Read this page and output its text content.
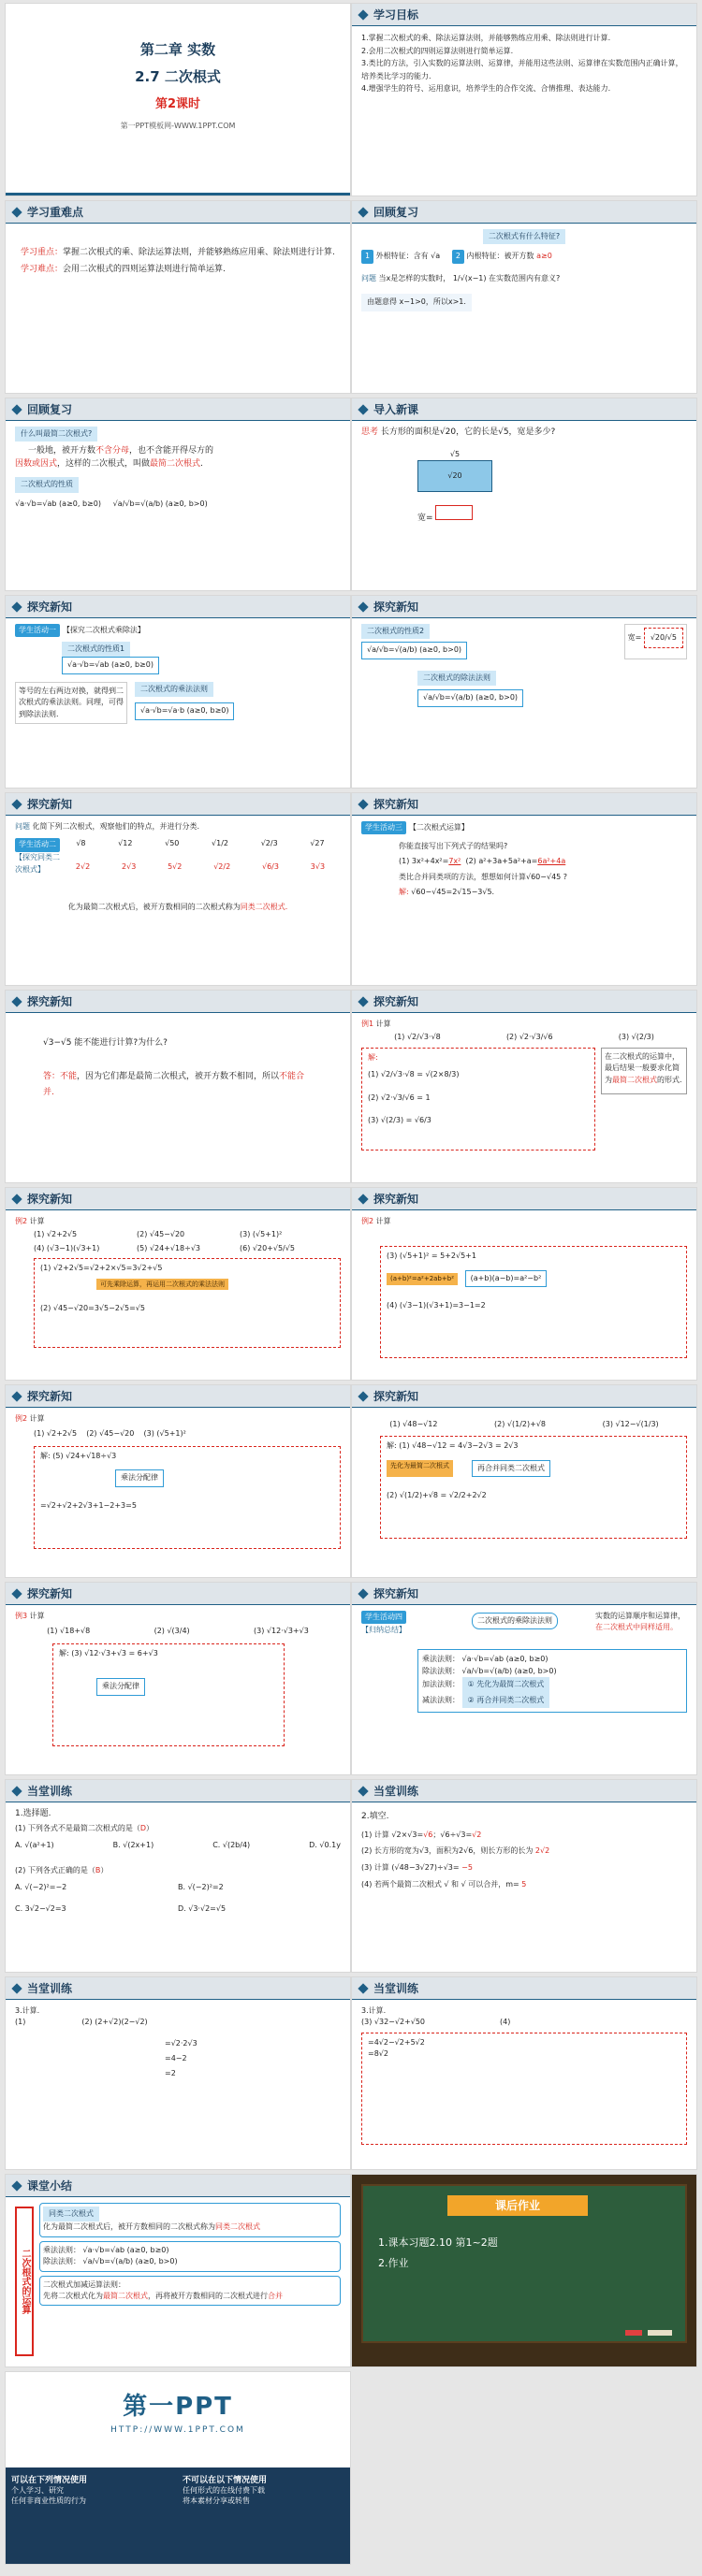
第二章 实数
2.7 二次根式
第2课时
第一PPT模板网-WWW.1PPT.COM
学习目标
1.掌握二次根式的乘、除法运算法则，并能够熟练应用乘、除法则进行计算.
2.会用二次根式的四则运算法则进行简单运算.
3.类比的方法，引入实数的运算法则、运算律，并能用这些法则、运算律在实数范围内正确计算，培养类比学习的能力.
4.增强学生的符号、运用意识，培养学生的合作交流、合情推理、表达能力.
学习重难点
学习重点：掌握二次根式的乘、除法运算法则，并能够熟练应用乘、除法则进行计算.
学习难点：会用二次根式的四则运算法则进行简单运算.
回顾复习
二次根式有什么特征?
1 外根特征：含有 √a     2 内根特征：被开方数 a≥0
问题 当x是怎样的实数时， 1/√(x−1) 在实数范围内有意义?
由题意得 x−1>0，所以x>1.
回顾复习
什么叫最简二次根式?
一般地，被开方数不含分母，也不含能开得尽方的
因数或因式，这样的二次根式，叫做最简二次根式.
二次根式的性质
√a·√b=√ab (a≥0, b≥0) √a/√b=√(a/b) (a≥0, b>0)
导入新课
思考 长方形的面积是√20，它的长是√5，宽是多少?
√5
√20
宽=
探究新知
学生活动一 【探究二次根式乘除法】
二次根式的性质1
√a·√b=√ab (a≥0, b≥0)
等号的左右两边对换，就得到二次根式的乘法法则。同理，可得到除法法则.
二次根式的乘法法则
√a·√b=√a·b (a≥0, b≥0)
探究新知
二次根式的性质2
√a/√b=√(a/b) (a≥0, b>0)
宽= √20/√5
二次根式的除法法则
√a/√b=√(a/b) (a≥0, b>0)
探究新知
问题 化简下列二次根式，观察他们的特点，并进行分类.
学生活动二
【探究同类二次根式】
√8	√12	√50	√1/2	√2/3	√27
2√2	2√3	5√2	√2/2	√6/3	3√3
化为最简二次根式后，被开方数相同的二次根式称为同类二次根式.
探究新知
学生活动三 【二次根式运算】
你能直接写出下列式子的结果吗?
(1) 3x²+4x²=7x² (2) a²+3a+5a²+a=6a²+4a
类比合并同类项的方法，想想如何计算√60−√45 ?
解: √60−√45=2√15−3√5.
探究新知
√3−√5 能不能进行计算?为什么?
答：不能，因为它们都是最简二次根式，被开方数不相同，所以不能合并.
探究新知
例1 计算
(1) √2/√3·√8	(2) √2·√3/√6	(3) √(2/3)
解:
(1) √2/√3·√8 = √(2×8/3)
(2) √2·√3/√6 = 1
(3) √(2/3) = √6/3
在二次根式的运算中，最后结果一般要求化简为最简二次根式的形式.
探究新知
例2 计算
(1) √2+2√5	(2) √45−√20	(3) (√5+1)²
(4) (√3−1)(√3+1)	(5) √24+√18÷√3	(6) √20+√5/√5
(1) √2+2√5=√2+2×√5=3√2+√5
可先乘除运算，再运用二次根式的乘法法则
(2) √45−√20=3√5−2√5=√5
探究新知
例2 计算
(3) (√5+1)² = 5+2√5+1
(a+b)²=a²+2ab+b² (a+b)(a−b)=a²−b²
(4) (√3−1)(√3+1)=3−1=2
探究新知
例2 计算
(1) √2+2√5    (2) √45−√20    (3) (√5+1)²
解: (5) √24+√18÷√3
乘法分配律
=√2+√2+2√3+1−2+3=5
探究新知
(1) √48−√12	(2) √(1/2)+√8	(3) √12−√(1/3)
解: (1) √48−√12 = 4√3−2√3 = 2√3
先化为最简二次根式	再合并同类二次根式
(2) √(1/2)+√8 = √2/2+2√2
探究新知
例3 计算
(1) √18+√8	(2) √(3/4)	(3) √12·√3+√3
解: (3) √12·√3+√3 = 6+√3
乘法分配律
探究新知
学生活动四
【归纳总结】
二次根式的乘除法法则
实数的运算顺序和运算律，在二次根式中同样适用。
乘法法则： √a·√b=√ab (a≥0, b≥0)
除法法则： √a/√b=√(a/b) (a≥0, b>0)
加法法则： ① 先化为最简二次根式
减法法则： ② 再合并同类二次根式
当堂训练
1.选择题.
(1) 下列各式不是最简二次根式的是（D）
A. √(a²+1)	B. √(2x+1)	C. √(2b/4)	D. √0.1y
(2) 下列各式正确的是（B）
A. √(−2)²=−2	B. √(−2)²=2
C. 3√2−√2=3	D. √3·√2=√5
当堂训练
2.填空.
(1) 计算 √2×√3=√6；√6÷√3=√2
(2) 长方形的宽为√3，面积为2√6，则长方形的长为 2√2
(3) 计算 (√48−3√27)÷√3= −5
(4) 若两个最简二次根式 √ 和 √ 可以合并，m= 5
当堂训练
3.计算.
(1)	(2) (2+√2)(2−√2)
=√2·2√3
=4−2
=2
当堂训练
3.计算.
(3) √32−√2+√50	(4)
=4√2−√2+5√2
=8√2
课堂小结
二次根式的运算
同类二次根式
化为最简二次根式后，被开方数相同的二次根式称为同类二次根式
乘法法则： √a·√b=√ab (a≥0, b≥0)
除法法则： √a/√b=√(a/b) (a≥0, b>0)
二次根式加减运算法则：
先将二次根式化为最简二次根式，再将被开方数相同的二次根式进行合并
课后作业
1.课本习题2.10 第1~2题
2.作业
第一PPT
HTTP://WWW.1PPT.COM
可以在下列情况使用
个人学习、研究
任何非商业性质的行为
不可以在以下情况使用
任何形式的在线付费下载
将本素材分享或转售
